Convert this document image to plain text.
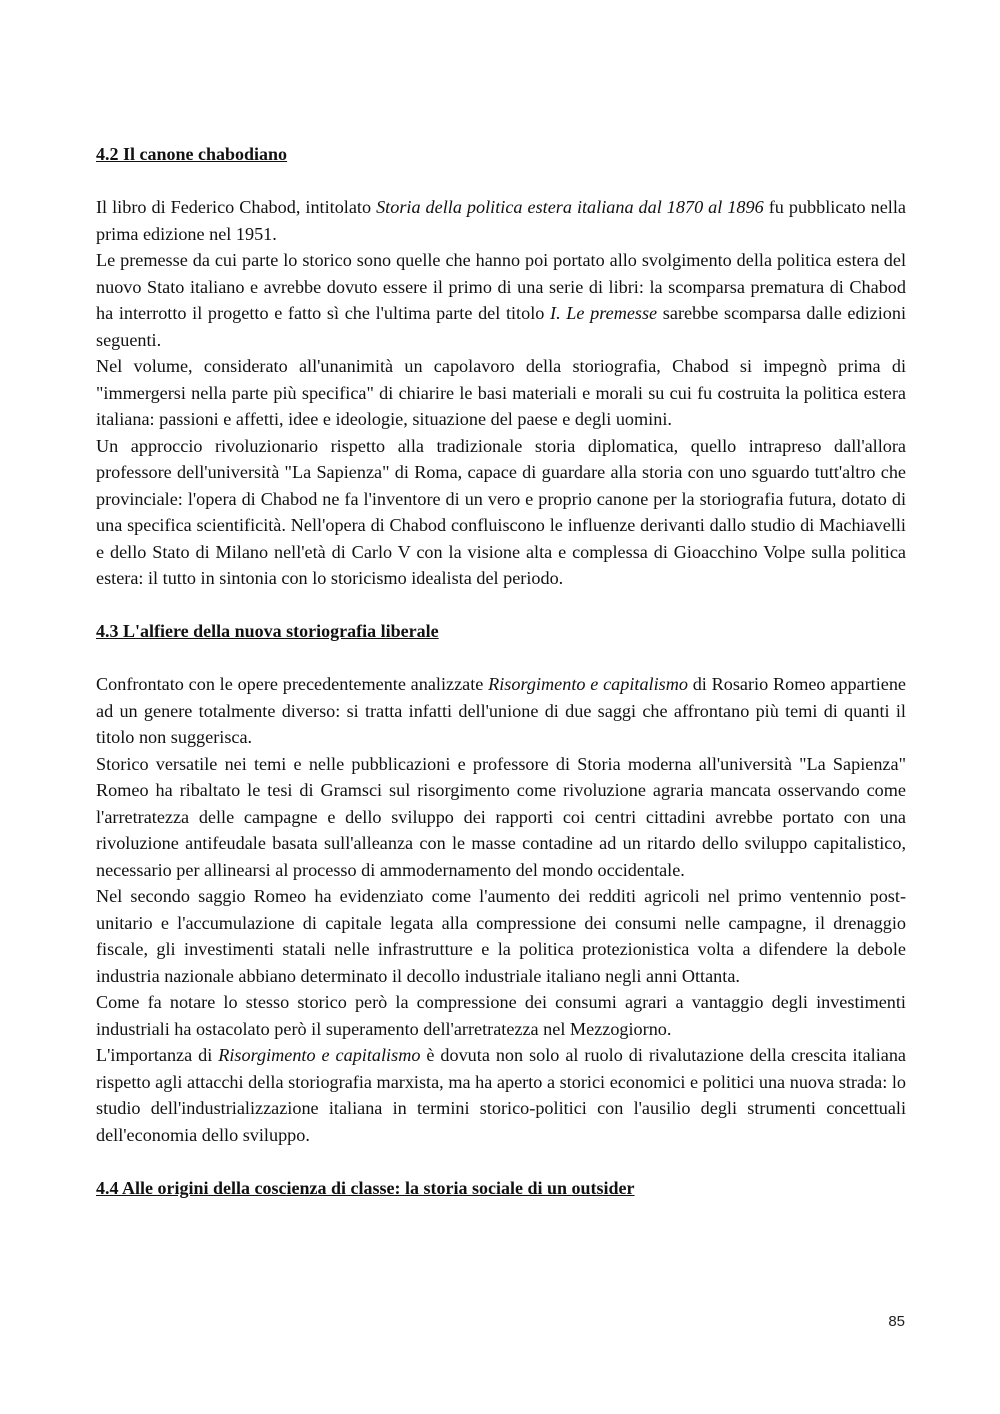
4.2 Il canone chabodiano

Il libro di Federico Chabod, intitolato Storia della politica estera italiana dal 1870 al 1896 fu pubblicato nella prima edizione nel 1951.

Le premesse da cui parte lo storico sono quelle che hanno poi portato allo svolgimento della politica estera del nuovo Stato italiano e avrebbe dovuto essere il primo di una serie di libri: la scomparsa prematura di Chabod ha interrotto il progetto e fatto sì che l'ultima parte del titolo I. Le premesse sarebbe scomparsa dalle edizioni seguenti.

Nel volume, considerato all'unanimità un capolavoro della storiografia, Chabod si impegnò prima di "immergersi nella parte più specifica" di chiarire le basi materiali e morali su cui fu costruita la politica estera italiana: passioni e affetti, idee e ideologie, situazione del paese e degli uomini.

Un approccio rivoluzionario rispetto alla tradizionale storia diplomatica, quello intrapreso dall'allora professore dell'università "La Sapienza" di Roma, capace di guardare alla storia con uno sguardo tutt'altro che provinciale: l'opera di Chabod ne fa l'inventore di un vero e proprio canone per la storiografia futura, dotato di una specifica scientificità. Nell'opera di Chabod confluiscono le influenze derivanti dallo studio di Machiavelli e dello Stato di Milano nell'età di Carlo V con la visione alta e complessa di Gioacchino Volpe sulla politica estera: il tutto in sintonia con lo storicismo idealista del periodo.

4.3 L'alfiere della nuova storiografia liberale

Confrontato con le opere precedentemente analizzate Risorgimento e capitalismo di Rosario Romeo appartiene ad un genere totalmente diverso: si tratta infatti dell'unione di due saggi che affrontano più temi di quanti il titolo non suggerisca.

Storico versatile nei temi e nelle pubblicazioni e professore di Storia moderna all'università "La Sapienza" Romeo ha ribaltato le tesi di Gramsci sul risorgimento come rivoluzione agraria mancata osservando come l'arretratezza delle campagne e dello sviluppo dei rapporti coi centri cittadini avrebbe portato con una rivoluzione antifeudale basata sull'alleanza con le masse contadine ad un ritardo dello sviluppo capitalistico, necessario per allinearsi al processo di ammodernamento del mondo occidentale.

Nel secondo saggio Romeo ha evidenziato come l'aumento dei redditi agricoli nel primo ventennio post-unitario e l'accumulazione di capitale legata alla compressione dei consumi nelle campagne, il drenaggio fiscale, gli investimenti statali nelle infrastrutture e la politica protezionistica volta a difendere la debole industria nazionale abbiano determinato il decollo industriale italiano negli anni Ottanta.

Come fa notare lo stesso storico però la compressione dei consumi agrari a vantaggio degli investimenti industriali ha ostacolato però il superamento dell'arretratezza nel Mezzogiorno.

L'importanza di Risorgimento e capitalismo è dovuta non solo al ruolo di rivalutazione della crescita italiana rispetto agli attacchi della storiografia marxista, ma ha aperto a storici economici e politici una nuova strada: lo studio dell'industrializzazione italiana in termini storico-politici con l'ausilio degli strumenti concettuali dell'economia dello sviluppo.

4.4 Alle origini della coscienza di classe: la storia sociale di un outsider
85
